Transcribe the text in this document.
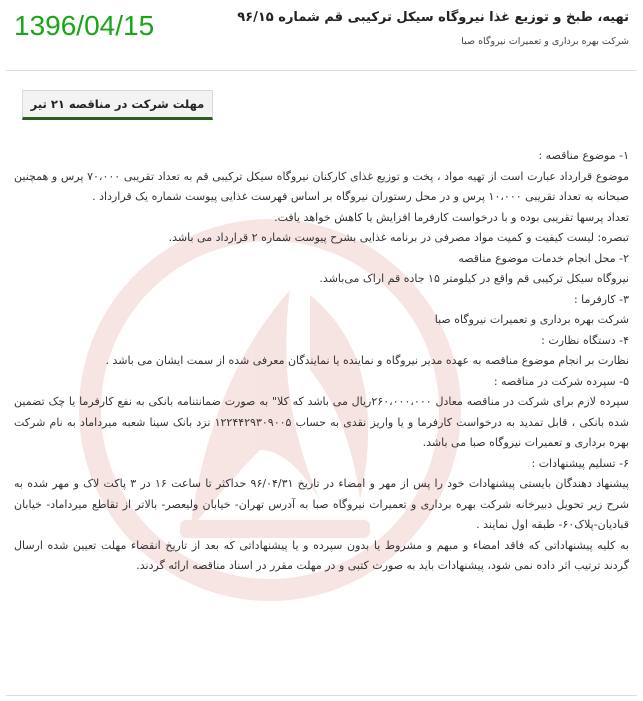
1396/04/15	تهیه، طبخ و توزیع غذا نیروگاه سیکل ترکیبی قم شماره ۹۶/۱۵
شرکت بهره برداری و تعمیرات نیروگاه صبا
مهلت شرکت در مناقصه ۲۱ تیر

۱- موضوع مناقصه :

موضوع قرارداد عبارت است از تهیه مواد ، پخت و توزیع غذای کارکنان نیروگاه سیکل ترکیبی قم به تعداد تقریبی ۷۰،۰۰۰ پرس و همچنین صبحانه به تعداد تقریبی ۱۰،۰۰۰ پرس و در محل رستوران نیروگاه بر اساس فهرست غذایی پیوست شماره یک قرارداد .

تعداد پرسها تقریبی بوده و با درخواست کارفرما افزایش یا کاهش خواهد یافت.

تبصره: لیست کیفیت و کمیت مواد مصرفی در برنامه غذایی بشرح پیوست شماره ۲ قرارداد می باشد.

۲- محل انجام خدمات موضوع مناقصه

نیروگاه سیکل ترکیبی قم واقع در کیلومتر ۱۵ جاده قم اراک می‌باشد.

۳- کارفرما :

شرکت بهره برداری و تعمیرات نیروگاه صبا

۴- دستگاه نظارت :

نظارت بر انجام موضوع مناقصه به عهده مدیر نیروگاه و نماینده یا نمایندگان معرفی شده از سمت ایشان می باشد .

۵- سپرده شرکت در مناقصه :

سپرده لازم برای شرکت در مناقصه معادل ۲۶۰،۰۰۰،۰۰۰ریال می باشد که کلا" به صورت ضمانتنامه بانکی به نفع کارفرما یا چک تضمین شده بانکی ، قابل تمدید به درخواست کارفرما و یا واریز نقدی به حساب ۱۲۲۴۴۲۹۳۰۹۰۰۵ نزد بانک سینا شعبه میرداماد به نام شرکت بهره برداری و تعمیرات نیروگاه صبا می باشد.

۶- تسلیم پیشنهادات :

پیشنهاد دهندگان بایستی پیشنهادات خود را پس از مهر و امضاء در تاریخ ۹۶/۰۴/۳۱ حداکثر تا ساعت ۱۶ در ۳ پاکت لاک و مهر شده به شرح زیر تحویل دبیرخانه شرکت بهره برداری و تعمیرات نیروگاه صبا به آدرس تهران- خیابان ولیعصر- بالاتر از تقاطع میرداماد- خیابان قبادیان-پلاک۶۰- طبقه اول نمایند .

به کلیه پیشنهاداتی که فاقد امضاء و مبهم و مشروط یا بدون سپرده و یا پیشنهاداتی که بعد از تاریخ انقضاء مهلت تعیین شده ارسال گردند ترتیب اثر داده نمی شود، پیشنهادات باید به صورت کتبی و در مهلت مقرر در اسناد مناقصه ارائه گردند.
